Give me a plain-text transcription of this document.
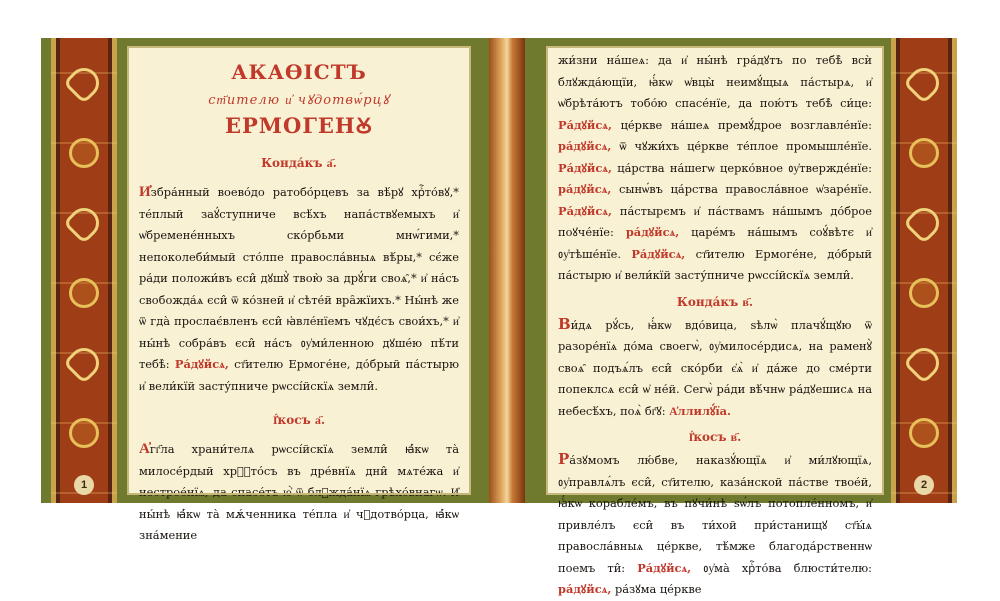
1
АКАѲІСТЪ
ст҃ителю и҆ чꙋдотвѡ́рцꙋ
ЕРМОГЕНꙊ
Конда́къ а҃.
И҆збра́нный воево́до ратобо́рцевъ за вѣ́рꙋ хрⷭ҇то́вꙋ,* те́плый заꙋ́ступниче всѣ́хъ напа́ствꙋемыхъ и҆ ѡ҆бремене́нныхъ ско́рбьми мнѡ́гими,* непоколеби́мый сто́лпе правосла́вныѧ вѣ́ры,* сє́же ра́ди положи́въ єси̂ дꙋшꙋ̀ твою̀ за дрꙋ́ги своѧ̑,* и҆ на́съ свобожда́ѧ єси̂ ѿ ко́зней и҆ сѣте́й вра̑жїихъ.* Ны́нѣ же ѿ гда̀ прослає́вленъ єси̂ ꙗ҆вле́нїемъ чꙋдє́съ свои́хъ,* и҆ ны́нѣ собра́въ єси̂ на́съ ᲂу҆ми́ленною дꙋше́ю пѣ́ти тебѣ̀: Ра́дꙋйсѧ, ст҃ителю Ермоге́не, до́брый па́стырю и҆ вели́кїй засту́пниче рѡссі́йскїѧ земли̂.
І҆́косъ а҃.
А҆гг҃ла храни́телѧ рѡссі́йскїѧ земли̂ ꙗ҆́кѡ та̀ милосе́рдый хрⷭ҇то́съ въ дре́внїѧ дни̂ мѧте́жа и҆ нестрое́нїѧ, да спасе́тъ ю҆̀ ѿ блꙋжда́нїѧ грѣхо́внагѡ. И҆ ны́нѣ ꙗ҆́кѡ та̀ мѫ́ченника те́пла и҆ чꙋдотво́рца, ꙗ҆́кѡ зна́мение
жи́зни на́шеѧ: да и҆ ны́нѣ гра́дꙋтъ по тебѣ̀ всѝ блꙋжда́ющїи, ꙗ҆́кѡ ѡ҆вцы̀ неимꙋ́щыѧ па́стырѧ, и҆ ѡ҆брѣта́ютъ тобо́ю спасе́нїе, да пою́тъ тебѣ̀ си́це: Ра́дꙋйсѧ, це́ркве на́шеѧ премꙋ́дрое возглавле́нїе: ра́дꙋйсѧ, ѿ чꙋжи́хъ це́ркве те́плое промышле́нїе. Ра́дꙋйсѧ, ца́рства на́шегѡ церко́вное ᲂу҆твержде́нїе: ра́дꙋйсѧ, сынѡ́въ ца́рства правосла́вное ѡ҆заре́нїе. Ра́дꙋйсѧ, па́стырємъ и҆ па́ствамъ на́шымъ до́брое поꙋче́нїе: ра́дꙋйсѧ, царе́мъ на́шымъ соꙋ́вѣтє и҆ ᲂу҆тѣше́нїе. Ра́дꙋйсѧ, ст҃ителю Ермоге́не, до́брый па́стырю и҆ вели́кїй засту́пниче рѡссі́йскїѧ земли̂.
Конда́къ в҃.
Ви́дѧ рꙋ́сь, ꙗ҆́кѡ вдо́вица, ѕѣлѡ̀ плачꙋ́щꙋю ѿ разоре́нїѧ до́ма своегѡ̀, ᲂу҆милосе́рдисѧ, на раменꙋ̀ своѧ̑ подъѧ́лъ єси̂ ско́рби є҆ѧ̀ и҆ да́же до сме́рти попеклсѧ єси̂ ѡ҆ не́й. Сегѡ̀ ра́ди вѣ́чнѡ ра́дꙋешисѧ на небесѣ́хъ, поѧ̀ бг҃ꙋ: А҆ллилꙋ́їа.
І҆́косъ в҃.
Ра́зꙋмомъ лю́бве, наказꙋ́ющїѧ и҆ ми́лꙋющїѧ, ᲂу҆правлѧ́лъ єси̂, ст҃ителю, каза́нской па́стве твое́й, ꙗ҆́кѡ корабле́мъ, въ пꙋчи́нѣ ѕѡ́лъ потопле́нномъ, и҆ привле́лъ єси̂ въ ти́хой при́станищꙋ ст҃ы́ѧ правосла́вныѧ це́ркве, тѣ́мже благода́рственнѡ поемъ ти̂: Ра́дꙋйсѧ, ᲂу҆ма̀ хрⷭ҇то́ва блюсти́телю: ра́дꙋйсѧ, ра́зꙋма це́ркве
2
